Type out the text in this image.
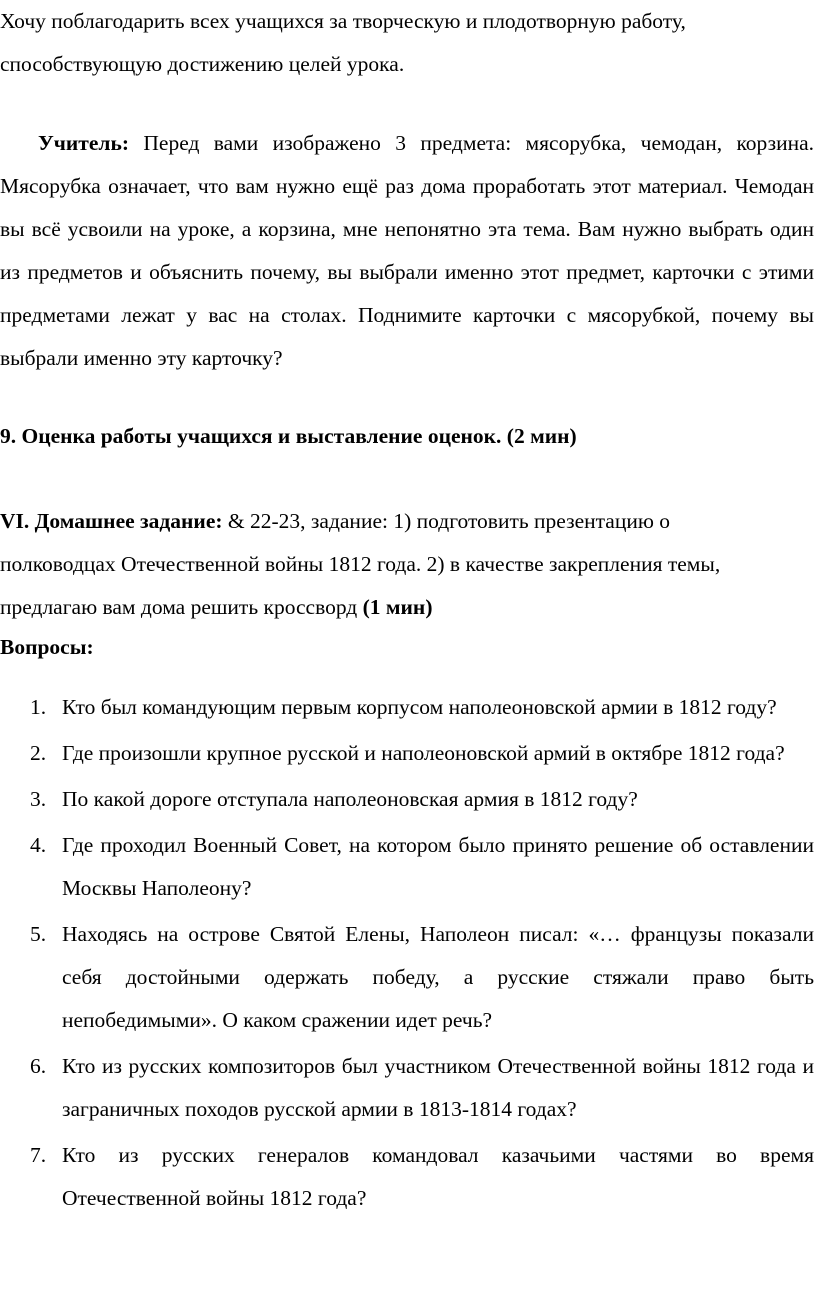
Хочу поблагодарить всех учащихся за творческую и плодотворную работу, способствующую достижению целей урока.

Учитель: Перед вами изображено 3 предмета: мясорубка, чемодан, корзина. Мясорубка означает, что вам нужно ещё раз дома проработать этот материал. Чемодан вы всё усвоили на уроке, а корзина, мне непонятно эта тема. Вам нужно выбрать один из предметов и объяснить почему, вы выбрали именно этот предмет, карточки с этими предметами лежат у вас на столах. Поднимите карточки с мясорубкой, почему вы выбрали именно эту карточку?

9. Оценка работы учащихся и выставление оценок. (2 мин)

VI. Домашнее задание: & 22-23, задание: 1) подготовить презентацию о полководцах Отечественной войны 1812 года. 2) в качестве закрепления темы, предлагаю вам дома решить кроссворд (1 мин)

Вопросы:

1. Кто был командующим первым корпусом наполеоновской армии в 1812 году?
2. Где произошли крупное русской и наполеоновской армий в октябре 1812 года?
3. По какой дороге отступала наполеоновская армия в 1812 году?
4. Где проходил Военный Совет, на котором было принято решение об оставлении Москвы Наполеону?
5. Находясь на острове Святой Елены, Наполеон писал: «… французы показали себя достойными одержать победу, а русские стяжали право быть непобедимыми». О каком сражении идет речь?
6. Кто из русских композиторов был участником Отечественной войны 1812 года и заграничных походов русской армии в 1813-1814 годах?
7. Кто из русских генералов командовал казачьими частями во время Отечественной войны 1812 года?
